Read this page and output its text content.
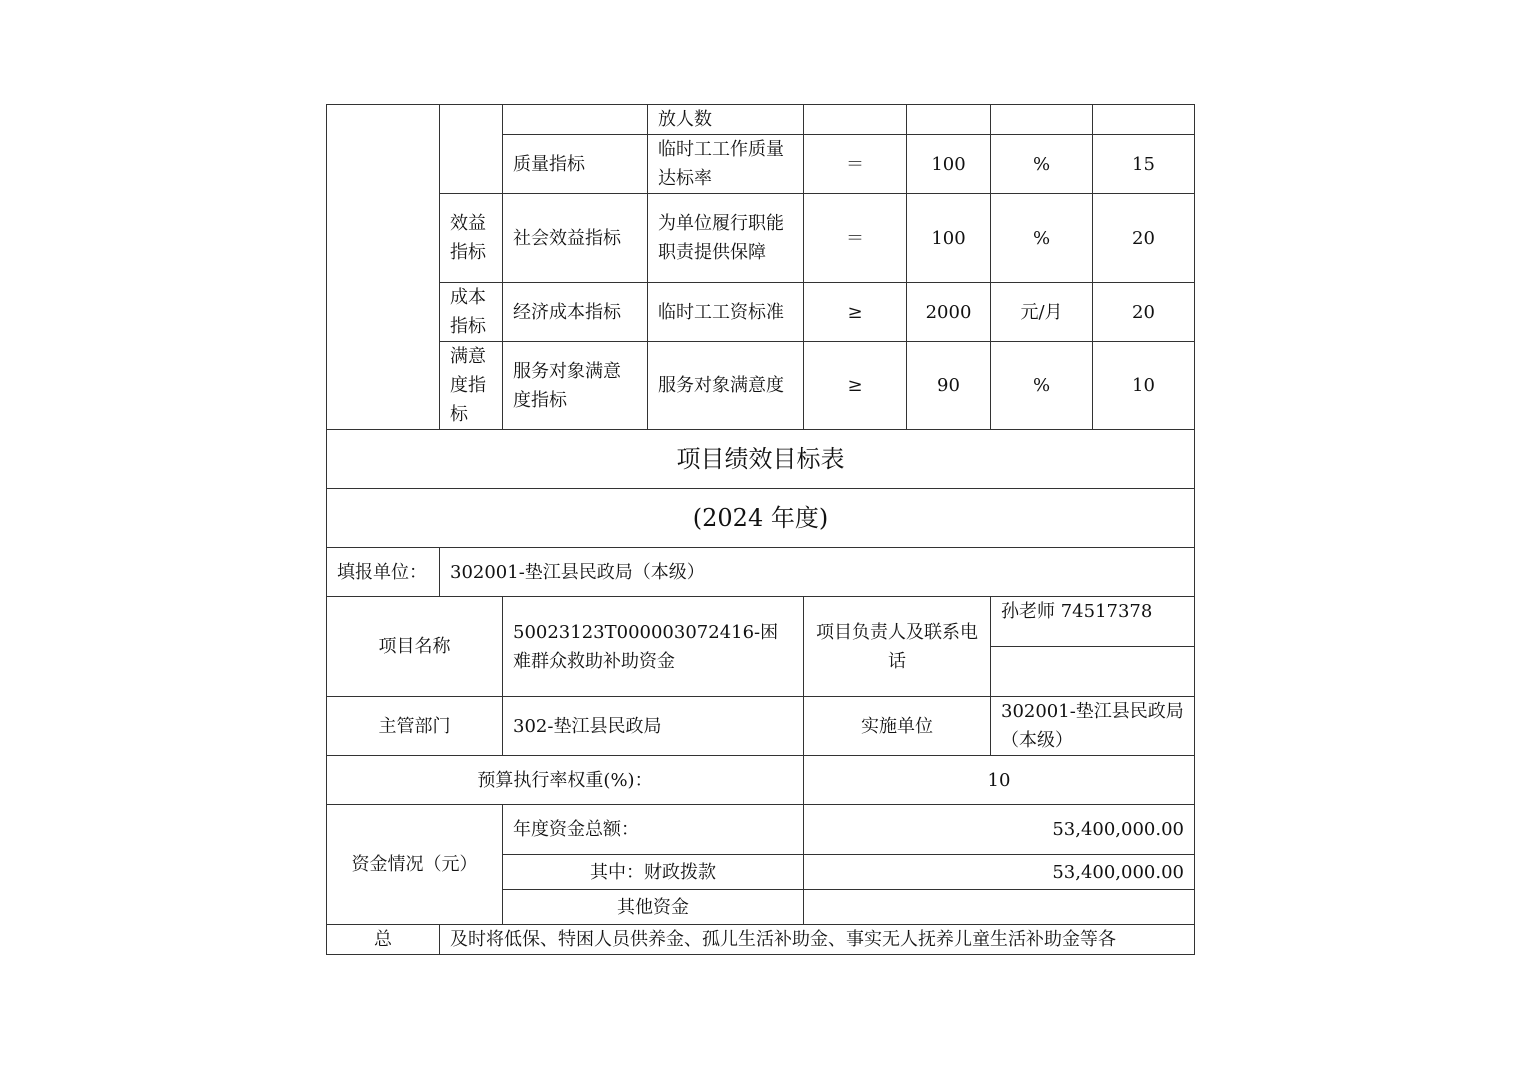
			放人数				
		质量指标	临时工工作质量达标率	＝	100	%	15
	效益指标	社会效益指标	为单位履行职能职责提供保障	＝	100	%	20
	成本指标	经济成本指标	临时工工资标准	≥	2000	元/月	20
	满意度指标	服务对象满意度指标	服务对象满意度	≥	90	%	10
项目绩效目标表							
(2024 年度)							
填报单位：	302001-垫江县民政局（本级）						
项目名称		50023123T000003072416-困难群众救助补助资金		项目负责人及联系电话		孙老师 74517378	

主管部门		302-垫江县民政局		实施单位		302001-垫江县民政局（本级）	
预算执行率权重(%)：				10			
资金情况（元）		年度资金总额：		53,400,000.00			
		其中：财政拨款		53,400,000.00			
		其他资金					
总	及时将低保、特困人员供养金、孤儿生活补助金、事实无人抚养儿童生活补助金等各						
